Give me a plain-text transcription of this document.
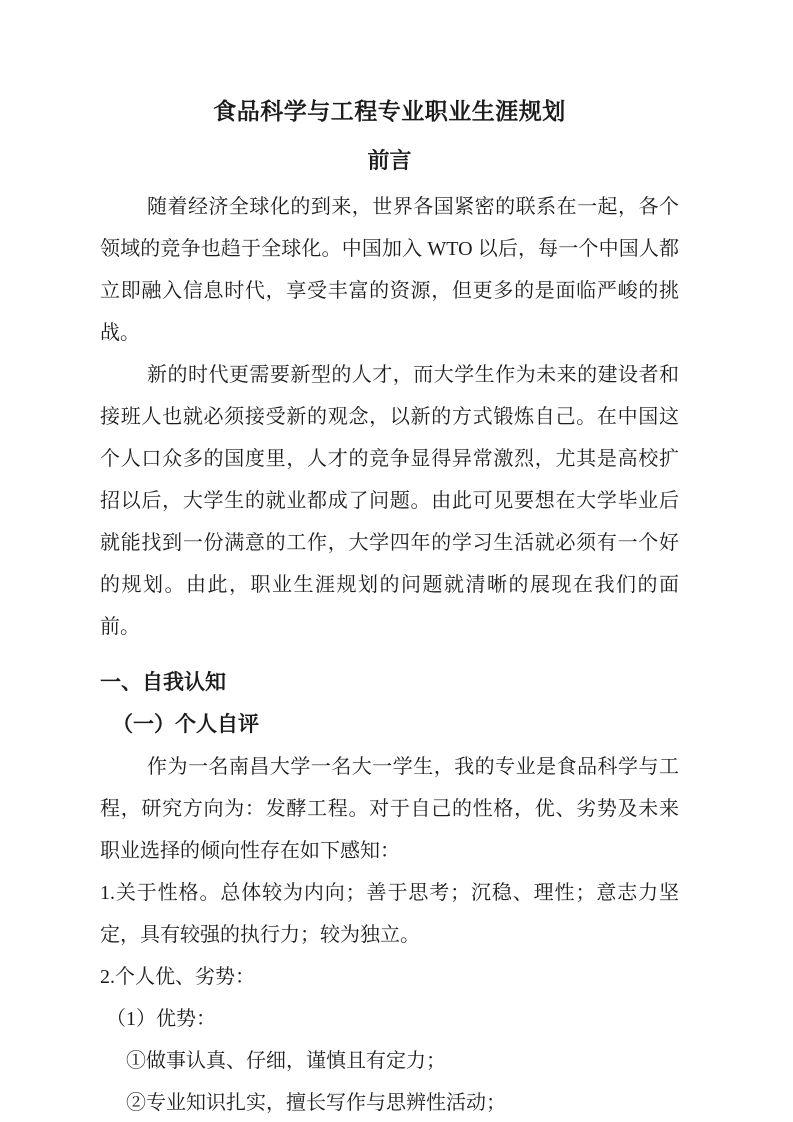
食品科学与工程专业职业生涯规划
前言

随着经济全球化的到来，世界各国紧密的联系在一起，各个领域的竞争也趋于全球化。中国加入 WTO 以后，每一个中国人都立即融入信息时代，享受丰富的资源，但更多的是面临严峻的挑战。

新的时代更需要新型的人才，而大学生作为未来的建设者和接班人也就必须接受新的观念，以新的方式锻炼自己。在中国这个人口众多的国度里，人才的竞争显得异常激烈，尤其是高校扩招以后，大学生的就业都成了问题。由此可见要想在大学毕业后就能找到一份满意的工作，大学四年的学习生活就必须有一个好的规划。由此，职业生涯规划的问题就清晰的展现在我们的面前。

一、自我认知
（一）个人自评

作为一名南昌大学一名大一学生，我的专业是食品科学与工程，研究方向为：发酵工程。对于自己的性格，优、劣势及未来职业选择的倾向性存在如下感知：

1.关于性格。总体较为内向；善于思考；沉稳、理性；意志力坚定，具有较强的执行力；较为独立。

2.个人优、劣势：

（1）优势：

①做事认真、仔细，谨慎且有定力；

②专业知识扎实，擅长写作与思辨性活动；
